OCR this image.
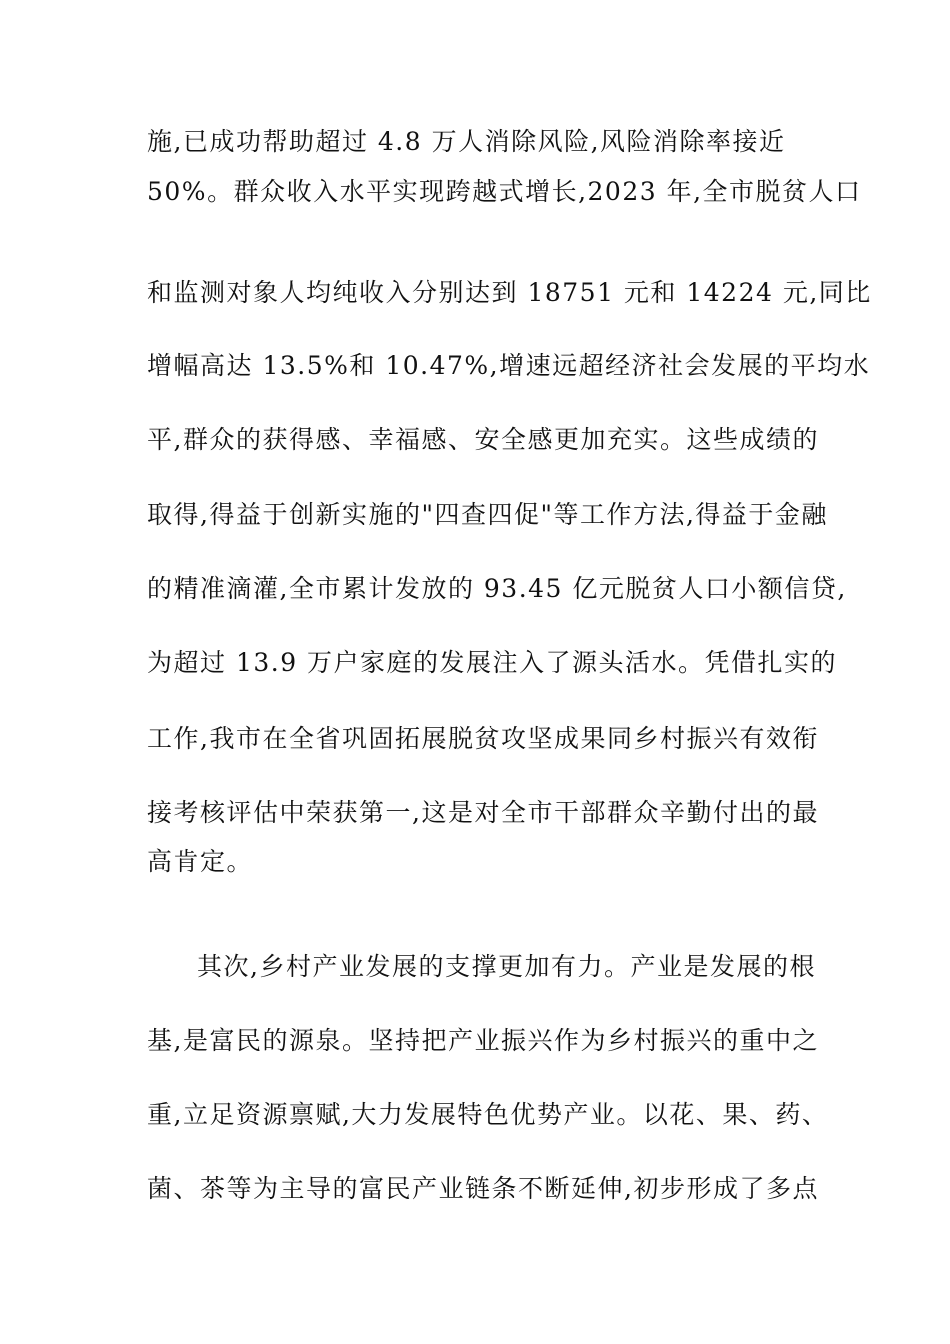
施,已成功帮助超过 4.8 万人消除风险,风险消除率接近

50%。群众收入水平实现跨越式增长,2023 年,全市脱贫人口

和监测对象人均纯收入分别达到 18751 元和 14224 元,同比

增幅高达 13.5%和 10.47%,增速远超经济社会发展的平均水

平,群众的获得感、幸福感、安全感更加充实。这些成绩的

取得,得益于创新实施的"四查四促"等工作方法,得益于金融

的精准滴灌,全市累计发放的 93.45 亿元脱贫人口小额信贷,

为超过 13.9 万户家庭的发展注入了源头活水。凭借扎实的

工作,我市在全省巩固拓展脱贫攻坚成果同乡村振兴有效衔

接考核评估中荣获第一,这是对全市干部群众辛勤付出的最

高肯定。

其次,乡村产业发展的支撑更加有力。产业是发展的根

基,是富民的源泉。坚持把产业振兴作为乡村振兴的重中之

重,立足资源禀赋,大力发展特色优势产业。以花、果、药、

菌、茶等为主导的富民产业链条不断延伸,初步形成了多点
